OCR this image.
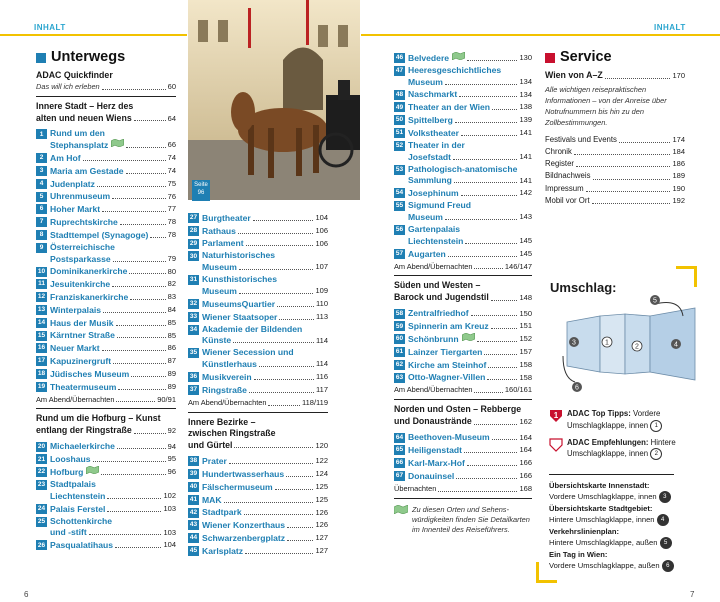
INHALT	INHALT
6	7
Seite
96
Unterwegs
ADAC Quickfinder
Das will ich erleben	60
Innere Stadt – Herz des
alten und neuen Wiens	64
1 Rund um den
Stephansplatz	66
2 Am Hof	74
3 Maria am Gestade	74
4 Judenplatz	75
5 Uhrenmuseum	76
6 Hoher Markt	77
7 Ruprechtskirche	78
8 Stadttempel (Synagoge)	78
9 Österreichische
Postsparkasse	79
10 Dominikanerkirche	80
11 Jesuitenkirche	82
12 Franziskanerkirche	83
13 Winterpalais	84
14 Haus der Musik	85
15 Kärntner Straße	85
16 Neuer Markt	86
17 Kapuzinergruft	87
18 Jüdisches Museum	89
19 Theatermuseum	89
Am Abend/Übernachten	90/91
Rund um die Hofburg – Kunst
entlang der Ringstraße	92
20 Michaelerkirche	94
21 Looshaus	95
22 Hofburg	96
23 Stadtpalais
Liechtenstein	102
24 Palais Ferstel	103
25 Schottenkirche
und -stift	103
26 Pasqualatihaus	104
27 Burgtheater	104
28 Rathaus	106
29 Parlament	106
30 Naturhistorisches
Museum	107
31 Kunsthistorisches
Museum	109
32 MuseumsQuartier	110
33 Wiener Staatsoper	113
34 Akademie der Bildenden
Künste	114
35 Wiener Secession und
Künstlerhaus	114
36 Musikverein	116
37 Ringstraße	117
Am Abend/Übernachten	118/119
Innere Bezirke –
zwischen Ringstraße
und Gürtel	120
38 Prater	122
39 Hundertwasserhaus	124
40 Fälschermuseum	125
41 MAK	125
42 Stadtpark	126
43 Wiener Konzerthaus	126
44 Schwarzenbergplatz	127
45 Karlsplatz	127
46 Belvedere	130
47 Heeresgeschichtliches
Museum	134
48 Naschmarkt	134
49 Theater an der Wien	138
50 Spittelberg	139
51 Volkstheater	141
52 Theater in der
Josefstadt	141
53 Pathologisch-anatomische
Sammlung	141
54 Josephinum	142
55 Sigmund Freud
Museum	143
56 Gartenpalais
Liechtenstein	145
57 Augarten	145
Am Abend/Übernachten	146/147
Süden und Westen –
Barock und Jugendstil	148
58 Zentralfriedhof	150
59 Spinnerin am Kreuz	151
60 Schönbrunn	152
61 Lainzer Tiergarten	157
62 Kirche am Steinhof	158
63 Otto-Wagner-Villen	158
Am Abend/Übernachten	160/161
Norden und Osten – Rebberge
und Donaustrände	162
64 Beethoven-Museum	164
65 Heiligenstadt	164
66 Karl-Marx-Hof	166
67 Donauinsel	166
Übernachten	168
Zu diesen Orten und Sehens-würdigkeiten finden Sie Detailkarten im Innenteil des Reiseführers.
Service
Wien von A–Z	170
Alle wichtigen reisepraktischen Informationen – von der Anreise über Notrufnummern bis hin zu den Zollbestimmungen.
Festivals und Events	174
Chronik	184
Register	186
Bildnachweis	189
Impressum	190
Mobil vor Ort	192
Umschlag:
3	1
2	4
5
6
1 ADAC Top Tipps: Vordere Umschlagklappe, innen 1
ADAC Empfehlungen: Hintere Umschlagklappe, innen 2
Übersichtskarte Innenstadt:
Vordere Umschlagklappe, innen 3
Übersichtskarte Stadtgebiet:
Hintere Umschlagklappe, innen 4
Verkehrslinienplan:
Hintere Umschlagklappe, außen 5
Ein Tag in Wien:
Vordere Umschlagklappe, außen 6
